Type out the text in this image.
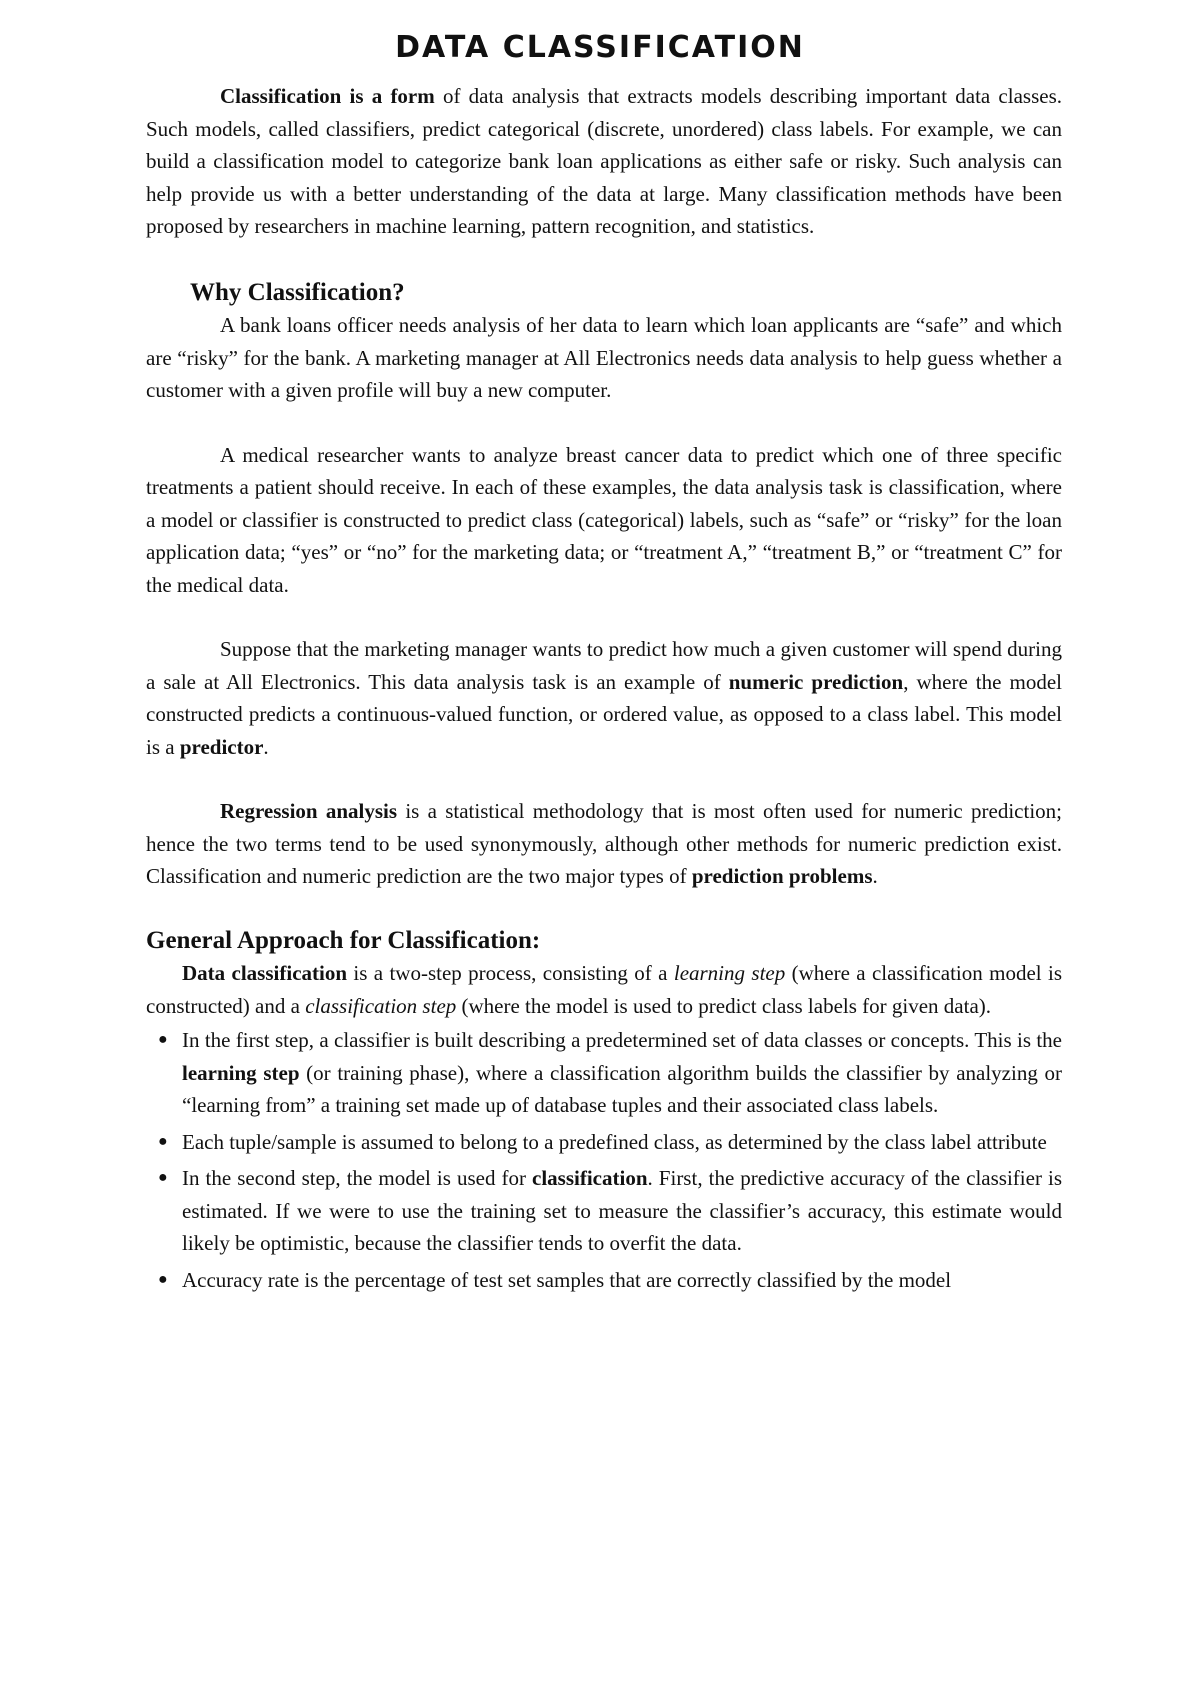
DATA CLASSIFICATION

Classification is a form of data analysis that extracts models describing important data classes. Such models, called classifiers, predict categorical (discrete, unordered) class labels. For example, we can build a classification model to categorize bank loan applications as either safe or risky. Such analysis can help provide us with a better understanding of the data at large. Many classification methods have been proposed by researchers in machine learning, pattern recognition, and statistics.

Why Classification?

A bank loans officer needs analysis of her data to learn which loan applicants are “safe” and which are “risky” for the bank. A marketing manager at All Electronics needs data analysis to help guess whether a customer with a given profile will buy a new computer.

A medical researcher wants to analyze breast cancer data to predict which one of three specific treatments a patient should receive. In each of these examples, the data analysis task is classification, where a model or classifier is constructed to predict class (categorical) labels, such as “safe” or “risky” for the loan application data; “yes” or “no” for the marketing data; or “treatment A,” “treatment B,” or “treatment C” for the medical data.

Suppose that the marketing manager wants to predict how much a given customer will spend during a sale at All Electronics. This data analysis task is an example of numeric prediction, where the model constructed predicts a continuous-valued function, or ordered value, as opposed to a class label. This model is a predictor.

Regression analysis is a statistical methodology that is most often used for numeric prediction; hence the two terms tend to be used synonymously, although other methods for numeric prediction exist. Classification and numeric prediction are the two major types of prediction problems.

General Approach for Classification:

Data classification is a two-step process, consisting of a learning step (where a classification model is constructed) and a classification step (where the model is used to predict class labels for given data).

● In the first step, a classifier is built describing a predetermined set of data classes or concepts. This is the learning step (or training phase), where a classification algorithm builds the classifier by analyzing or “learning from” a training set made up of database tuples and their associated class labels.
● Each tuple/sample is assumed to belong to a predefined class, as determined by the class label attribute
● In the second step, the model is used for classification. First, the predictive accuracy of the classifier is estimated. If we were to use the training set to measure the classifier’s accuracy, this estimate would likely be optimistic, because the classifier tends to overfit the data.
● Accuracy rate is the percentage of test set samples that are correctly classified by the model
